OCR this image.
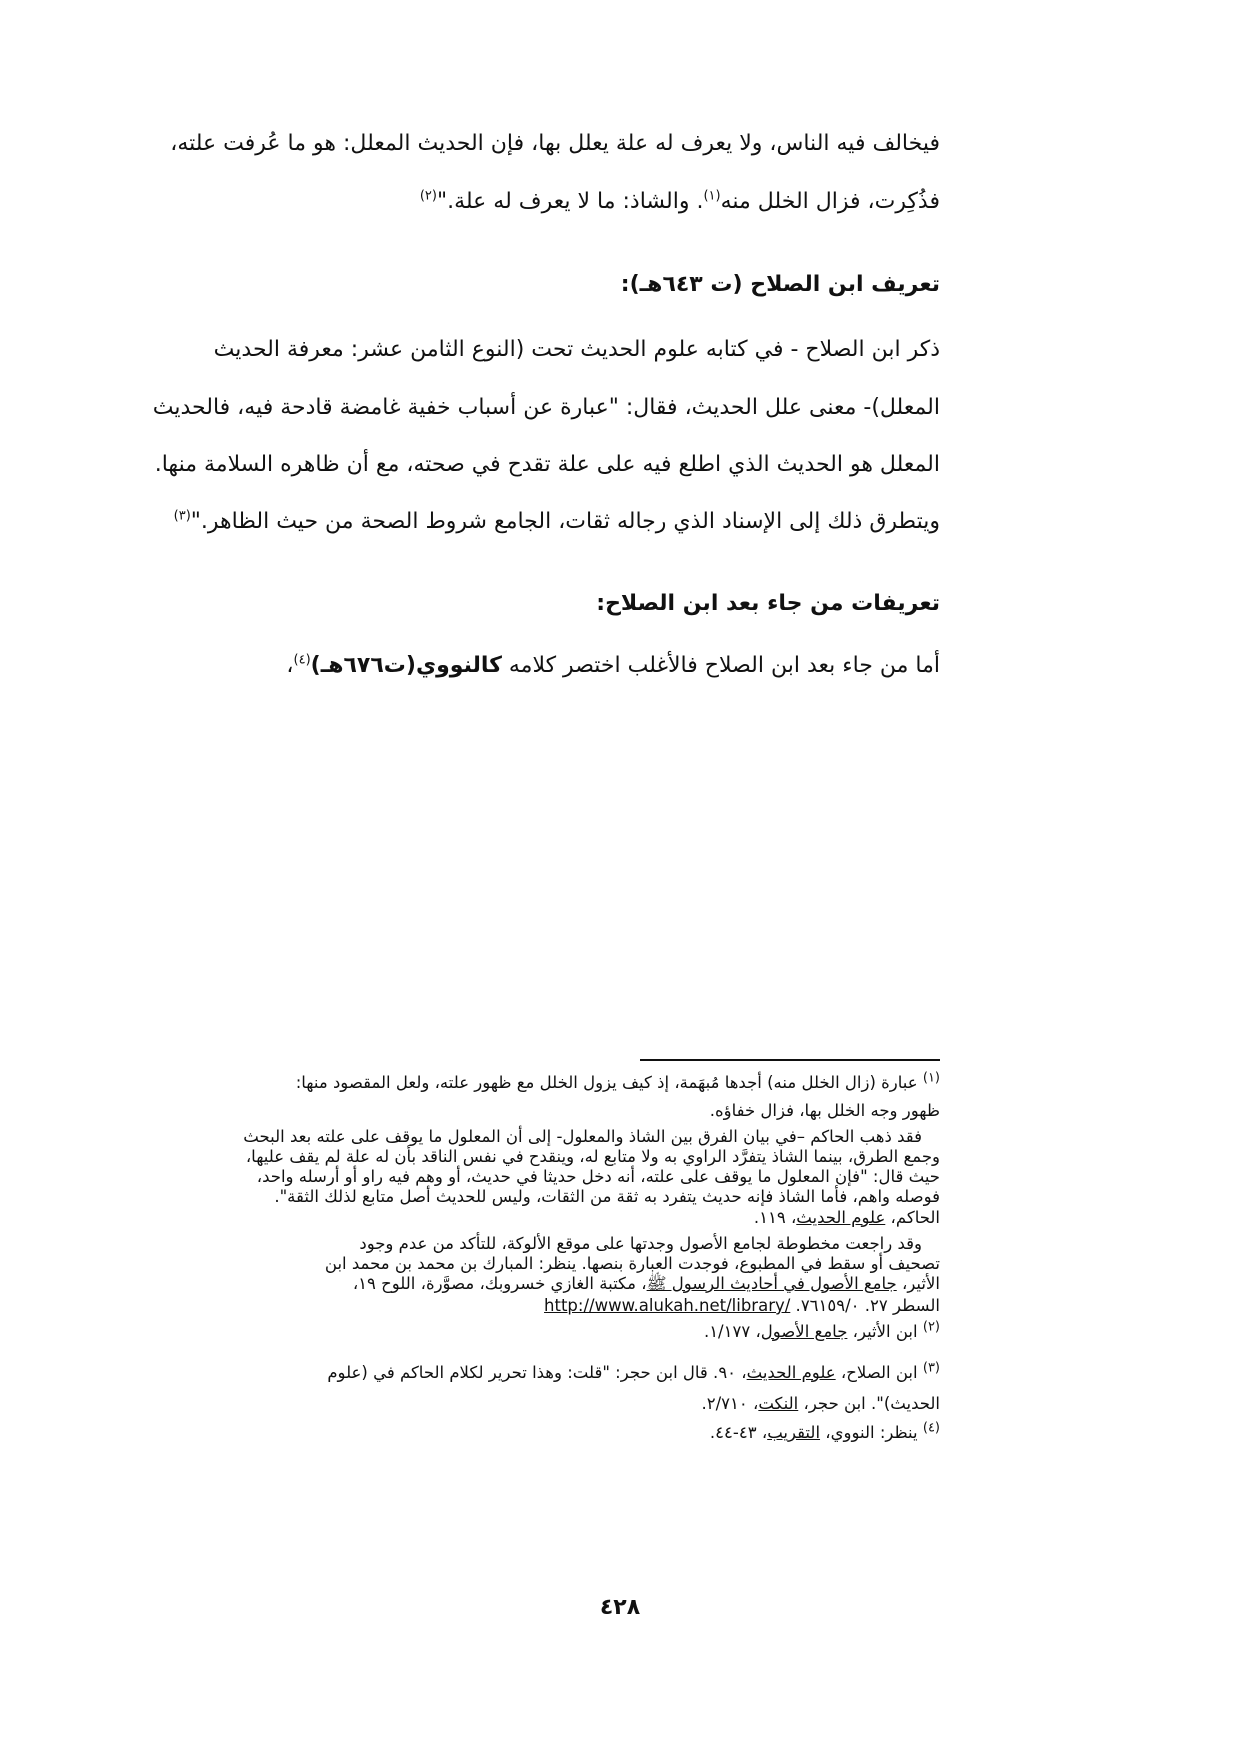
فيخالف فيه الناس، ولا يعرف له علة يعلل بها، فإن الحديث المعلل: هو ما عُرفت علته،
فذُكِرت، فزال الخلل منه$^{(١)}$. والشاذ: ما لا يعرف له علة."$^{(٢)}$
تعريف ابن الصلاح (ت ٦٤٣هـ):
ذكر ابن الصلاح - في كتابه علوم الحديث تحت (النوع الثامن عشر: معرفة الحديث
المعلل)- معنى علل الحديث، فقال: "عبارة عن أسباب خفية غامضة قادحة فيه، فالحديث
المعلل هو الحديث الذي اطلع فيه على علة تقدح في صحته، مع أن ظاهره السلامة منها.
ويتطرق ذلك إلى الإسناد الذي رجاله ثقات، الجامع شروط الصحة من حيث الظاهر."$^{(٣)}$
تعريفات من جاء بعد ابن الصلاح:
أما من جاء بعد ابن الصلاح فالأغلب اختصر كلامه كالنووي(ت٦٧٦هـ)$^{(٤)}$،
$^{(١)}$ عبارة (زال الخلل منه) أجدها مُبهَمة، إذ كيف يزول الخلل مع ظهور علته، ولعل المقصود منها:
ظهور وجه الخلل بها، فزال خفاؤه.
فقد ذهب الحاكم –في بيان الفرق بين الشاذ والمعلول- إلى أن المعلول ما يوقف على علته بعد البحث
وجمع الطرق، بينما الشاذ يتفرَّد الراوي به ولا متابع له، وينقدح في نفس الناقد بأن له علة لم يقف عليها،
حيث قال: "فإن المعلول ما يوقف على علته، أنه دخل حديثا في حديث، أو وهم فيه راو أو أرسله واحد،
فوصله واهم، فأما الشاذ فإنه حديث يتفرد به ثقة من الثقات، وليس للحديث أصل متابع لذلك الثقة".
الحاكم، علوم الحديث، ١١٩.
وقد راجعت مخطوطة لجامع الأصول وجدتها على موقع الألوكة، للتأكد من عدم وجود
تصحيف أو سقط في المطبوع، فوجدت العبارة بنصها. ينظر: المبارك بن محمد بن محمد ابن
الأثير، جامع الأصول في أحاديث الرسول ﷺ، مكتبة الغازي خسروبك، مصوَّرة، اللوح ١٩،
السطر ٢٧. ٧٦١٥٩/٠. http://www.alukah.net/library/
$^{(٢)}$ ابن الأثير، جامع الأصول، ١/١٧٧.
$^{(٣)}$ ابن الصلاح، علوم الحديث، ٩٠. قال ابن حجر: "قلت: وهذا تحرير لكلام الحاكم في (علوم
الحديث)". ابن حجر، النكت، ٢/٧١٠.
$^{(٤)}$ ينظر: النووي، التقريب، ٤٣-٤٤.
٤٢٨
